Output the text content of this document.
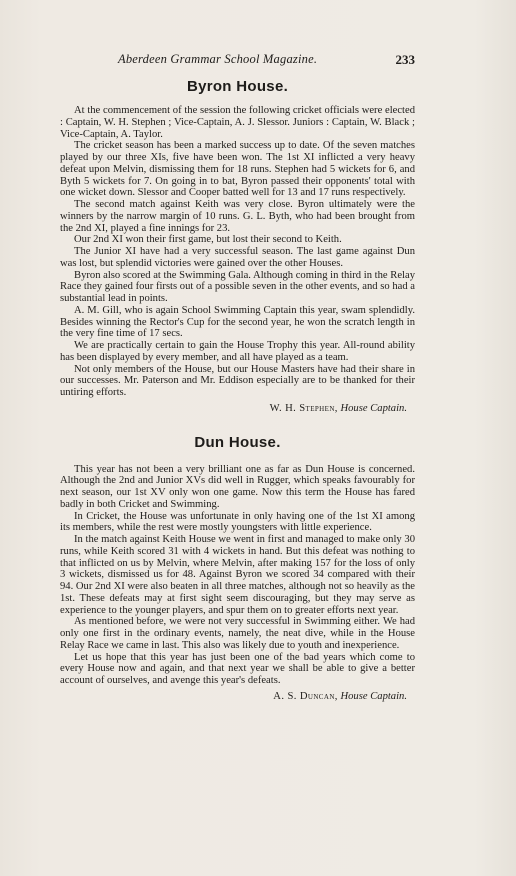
Aberdeen Grammar School Magazine.	233
Byron House.

At the commencement of the session the following cricket officials were elected : Captain, W. H. Stephen ; Vice-Captain, A. J. Slessor. Juniors : Captain, W. Black ; Vice-Captain, A. Taylor.

The cricket season has been a marked success up to date. Of the seven matches played by our three XIs, five have been won. The 1st XI inflicted a very heavy defeat upon Melvin, dismissing them for 18 runs. Stephen had 5 wickets for 6, and Byth 5 wickets for 7. On going in to bat, Byron passed their opponents' total with one wicket down. Slessor and Cooper batted well for 13 and 17 runs respectively.

The second match against Keith was very close. Byron ultimately were the winners by the narrow margin of 10 runs. G. L. Byth, who had been brought from the 2nd XI, played a fine innings for 23.

Our 2nd XI won their first game, but lost their second to Keith.

The Junior XI have had a very successful season. The last game against Dun was lost, but splendid victories were gained over the other Houses.

Byron also scored at the Swimming Gala. Although coming in third in the Relay Race they gained four firsts out of a possible seven in the other events, and so had a substantial lead in points.

A. M. Gill, who is again School Swimming Captain this year, swam splendidly. Besides winning the Rector's Cup for the second year, he won the scratch length in the very fine time of 17 secs.

We are practically certain to gain the House Trophy this year. All-round ability has been displayed by every member, and all have played as a team.

Not only members of the House, but our House Masters have had their share in our successes. Mr. Paterson and Mr. Eddison especially are to be thanked for their untiring efforts.

W. H. Stephen, House Captain.
Dun House.

This year has not been a very brilliant one as far as Dun House is concerned. Although the 2nd and Junior XVs did well in Rugger, which speaks favourably for next season, our 1st XV only won one game. Now this term the House has fared badly in both Cricket and Swimming.

In Cricket, the House was unfortunate in only having one of the 1st XI among its members, while the rest were mostly youngsters with little experience.

In the match against Keith House we went in first and managed to make only 30 runs, while Keith scored 31 with 4 wickets in hand. But this defeat was nothing to that inflicted on us by Melvin, where Melvin, after making 157 for the loss of only 3 wickets, dismissed us for 48. Against Byron we scored 34 compared with their 94. Our 2nd XI were also beaten in all three matches, although not so heavily as the 1st. These defeats may at first sight seem discouraging, but they may serve as experience to the younger players, and spur them on to greater efforts next year.

As mentioned before, we were not very successful in Swimming either. We had only one first in the ordinary events, namely, the neat dive, while in the House Relay Race we came in last. This also was likely due to youth and inexperience.

Let us hope that this year has just been one of the bad years which come to every House now and again, and that next year we shall be able to give a better account of ourselves, and avenge this year's defeats.

A. S. Duncan, House Captain.
